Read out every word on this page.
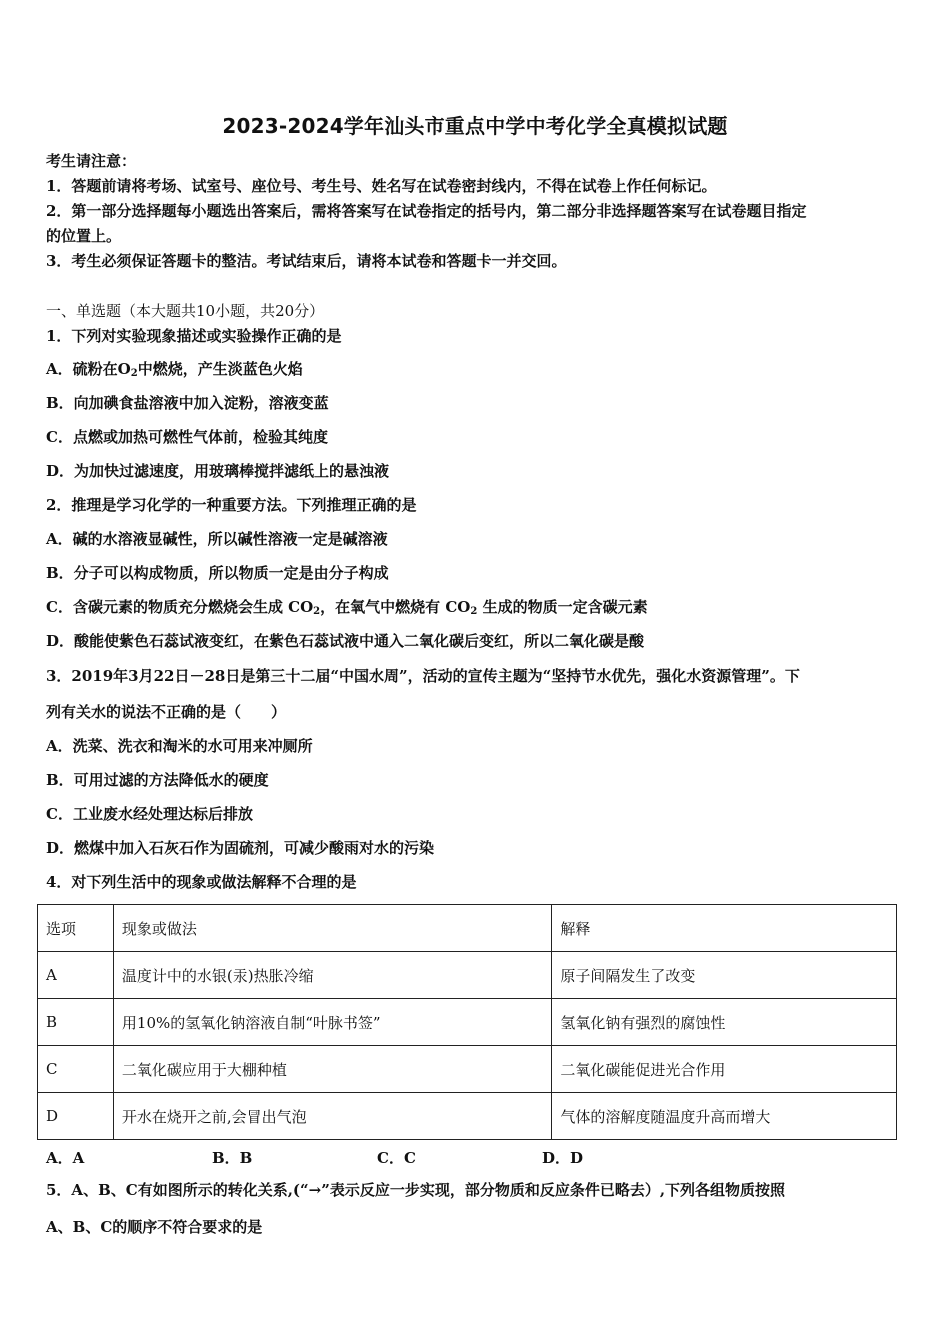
2023-2024学年汕头市重点中学中考化学全真模拟试题
考生请注意：
1．答题前请将考场、试室号、座位号、考生号、姓名写在试卷密封线内，不得在试卷上作任何标记。
2．第一部分选择题每小题选出答案后，需将答案写在试卷指定的括号内，第二部分非选择题答案写在试卷题目指定
的位置上。
3．考生必须保证答题卡的整洁。考试结束后，请将本试卷和答题卡一并交回。
一、单选题（本大题共10小题，共20分）
1．下列对实验现象描述或实验操作正确的是
A．硫粉在$O_2$中燃烧，产生淡蓝色火焰
B．向加碘食盐溶液中加入淀粉，溶液变蓝
C．点燃或加热可燃性气体前，检验其纯度
D．为加快过滤速度，用玻璃棒搅拌滤纸上的悬浊液
2．推理是学习化学的一种重要方法。下列推理正确的是
A．碱的水溶液显碱性，所以碱性溶液一定是碱溶液
B．分子可以构成物质，所以物质一定是由分子构成
C．含碳元素的物质充分燃烧会生成 $CO_2$，在氧气中燃烧有 $CO_2$ 生成的物质一定含碳元素
D．酸能使紫色石蕊试液变红，在紫色石蕊试液中通入二氧化碳后变红，所以二氧化碳是酸
3．2019年3月22日－28日是第三十二届“中国水周”，活动的宣传主题为“坚持节水优先，强化水资源管理”。下
列有关水的说法不正确的是（　　）
A．洗菜、洗衣和淘米的水可用来冲厕所
B．可用过滤的方法降低水的硬度
C．工业废水经处理达标后排放
D．燃煤中加入石灰石作为固硫剂，可减少酸雨对水的污染
4．对下列生活中的现象或做法解释不合理的是
选项	现象或做法	解释
A	温度计中的水银(汞)热胀冷缩	原子间隔发生了改变
B	用10%的氢氧化钠溶液自制“叶脉书签”	氢氧化钠有强烈的腐蚀性
C	二氧化碳应用于大棚种植	二氧化碳能促进光合作用
D	开水在烧开之前,会冒出气泡	气体的溶解度随温度升高而增大
A．A	B．B	C．C	D．D
5．A、B、C有如图所示的转化关系,(“→”表示反应一步实现，部分物质和反应条件已略去）,下列各组物质按照
A、B、C的顺序不符合要求的是
